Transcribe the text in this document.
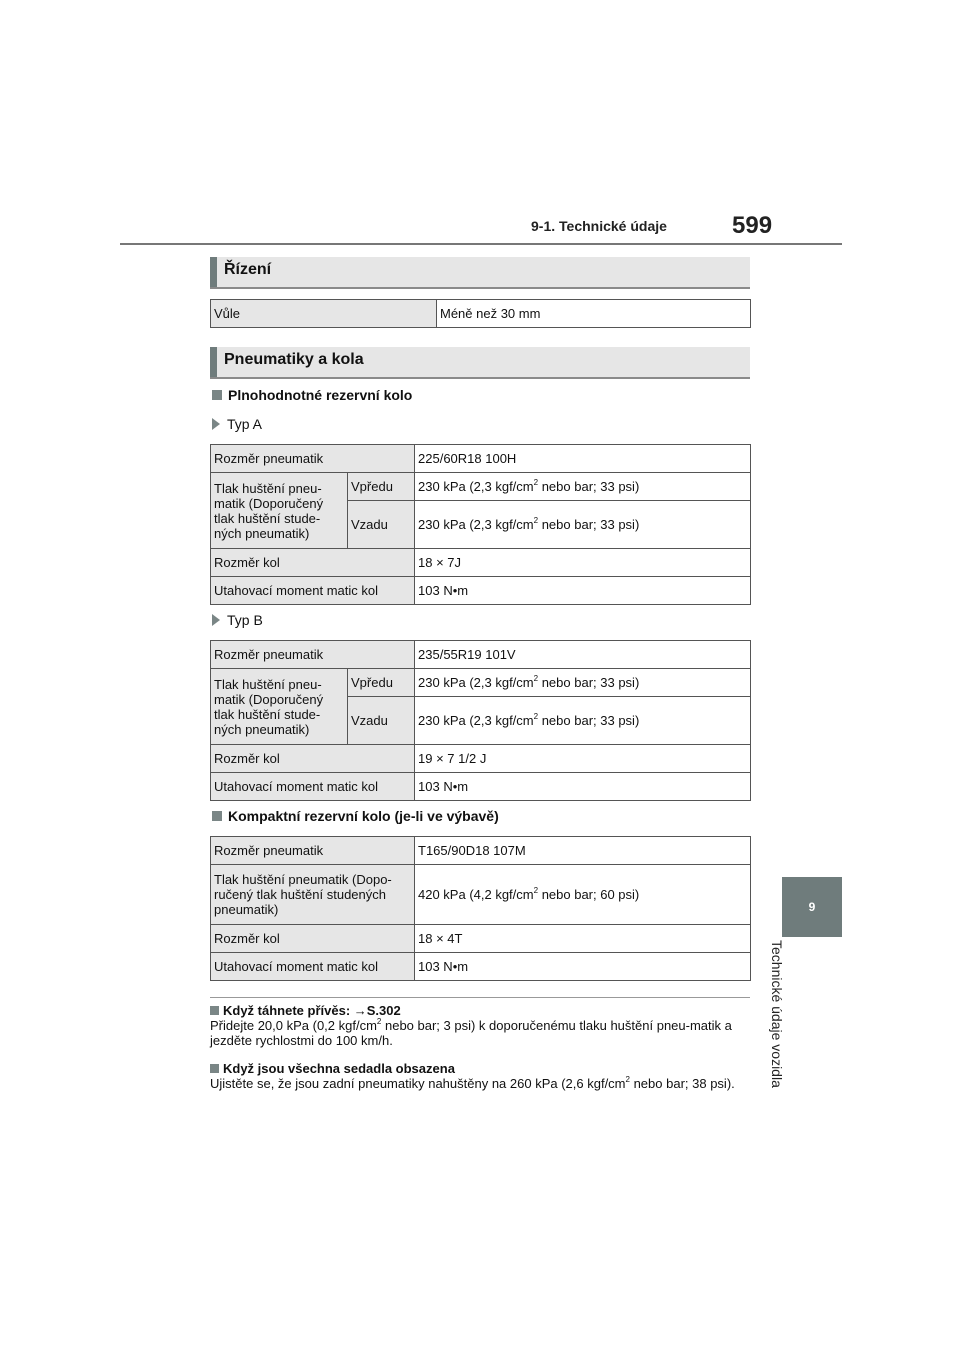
9-1. Technické údaje	599
9
Technické údaje vozidla
Řízení
Vůle	Méně než 30 mm
Pneumatiky a kola
Plnohodnotné rezervní kolo
Typ A
Rozměr pneumatik		225/60R18 100H
Tlak huštění pneu-matik (Doporučený tlak huštění stude-ných pneumatik)	Vpředu	230 kPa (2,3 kgf/$cm^2$ nebo bar; 33 psi)
	Vzadu	230 kPa (2,3 kgf/$cm^2$ nebo bar; 33 psi)
Rozměr kol		18 × 7J
Utahovací moment matic kol		103 N•m
Typ B
Rozměr pneumatik		235/55R19 101V
Tlak huštění pneu-matik (Doporučený tlak huštění stude-ných pneumatik)	Vpředu	230 kPa (2,3 kgf/$cm^2$ nebo bar; 33 psi)
	Vzadu	230 kPa (2,3 kgf/$cm^2$ nebo bar; 33 psi)
Rozměr kol		19 × 7 1/2 J
Utahovací moment matic kol		103 N•m
Kompaktní rezervní kolo (je-li ve výbavě)
Rozměr pneumatik	T165/90D18 107M
Tlak huštění pneumatik (Dopo-ručený tlak huštění studených pneumatik)	420 kPa (4,2 kgf/$cm^2$ nebo bar; 60 psi)
Rozměr kol	18 × 4T
Utahovací moment matic kol	103 N•m
Když táhnete přívěs: →S.302
Přidejte 20,0 kPa (0,2 kgf/$cm^2$ nebo bar; 3 psi) k doporučenému tlaku huštění pneu-matik a jezděte rychlostmi do 100 km/h.
Když jsou všechna sedadla obsazena
Ujistěte se, že jsou zadní pneumatiky nahuštěny na 260 kPa (2,6 kgf/$cm^2$ nebo bar; 38 psi).
